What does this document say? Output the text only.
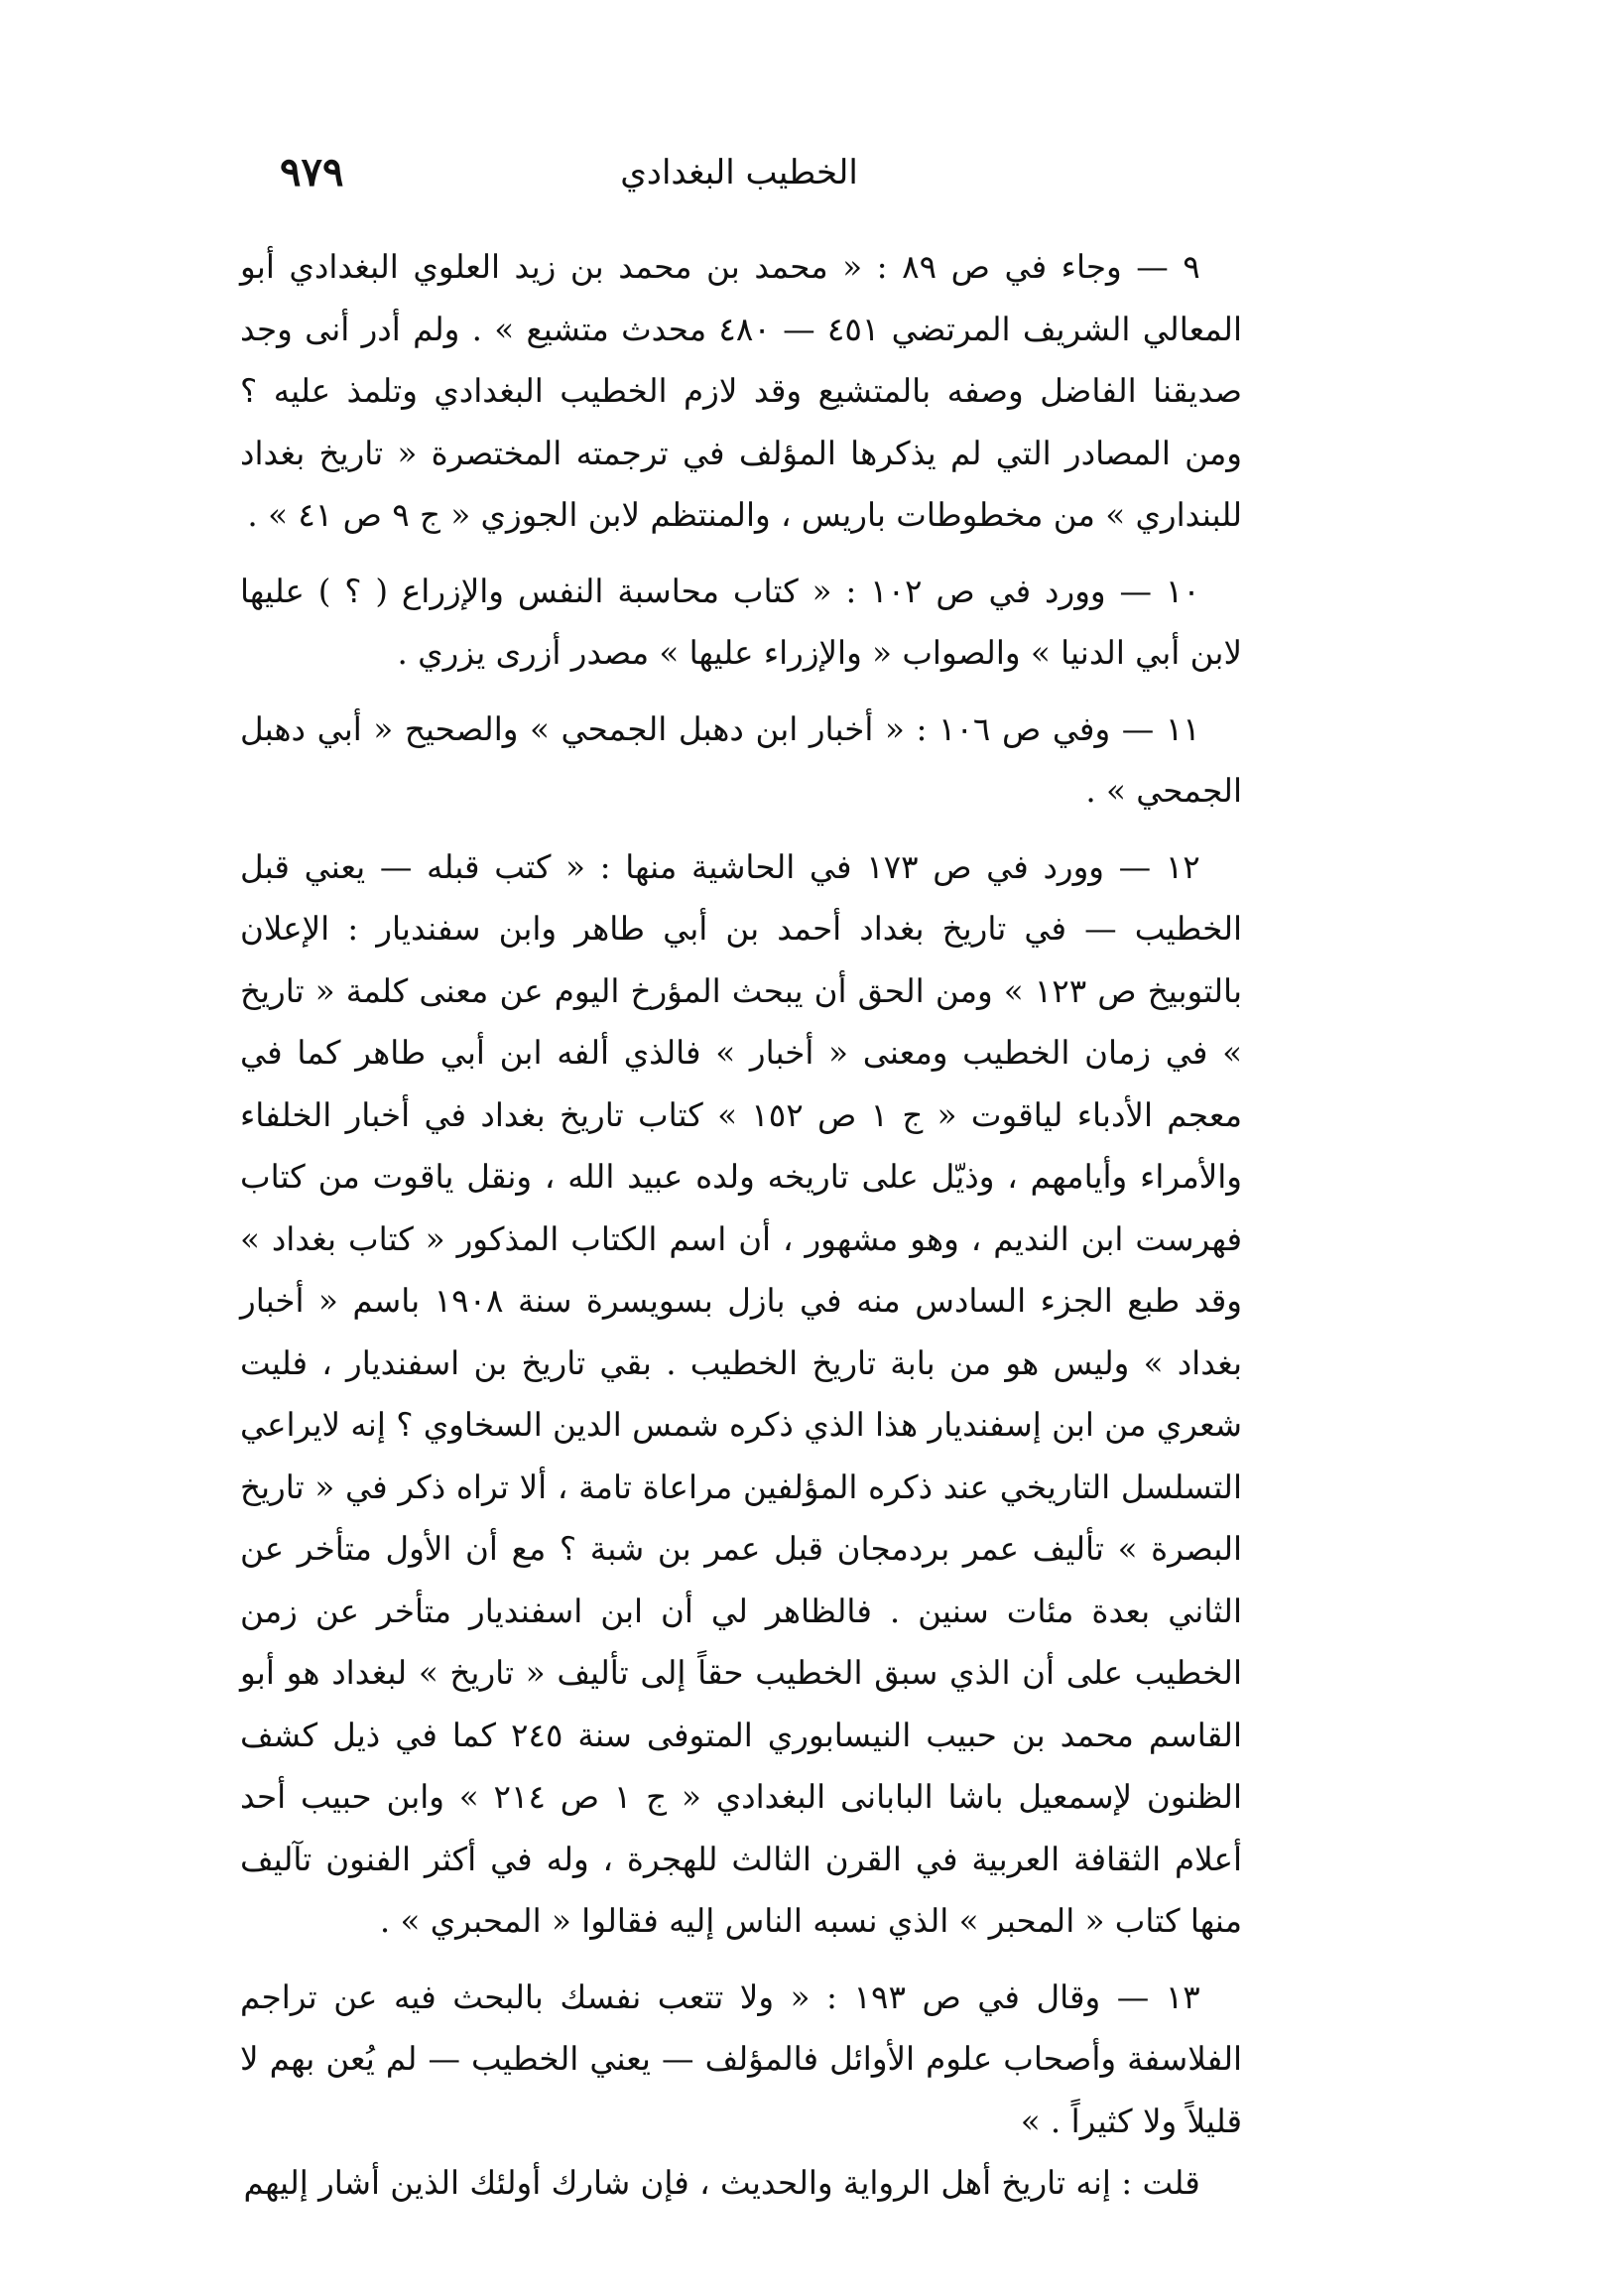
٩٧٩	الخطيب البغدادي

٩ — وجاء في ص ٨٩ : « محمد بن محمد بن زيد العلوي البغدادي أبو المعالي الشريف المرتضي ٤٥١ — ٤٨٠ محدث متشيع » . ولم أدر أنى وجد صديقنا الفاضل وصفه بالمتشيع وقد لازم الخطيب البغدادي وتلمذ عليه ؟ ومن المصادر التي لم يذكرها المؤلف في ترجمته المختصرة « تاريخ بغداد للبنداري » من مخطوطات باريس ، والمنتظم لابن الجوزي « ج ٩ ص ٤١ » .

١٠ — وورد في ص ١٠٢ : « كتاب محاسبة النفس والإزراع ( ؟ ) عليها لابن أبي الدنيا » والصواب « والإزراء عليها » مصدر أزرى يزري .

١١ — وفي ص ١٠٦ : « أخبار ابن دهبل الجمحي » والصحيح « أبي دهبل الجمحي » .

١٢ — وورد في ص ١٧٣ في الحاشية منها : « كتب قبله — يعني قبل الخطيب — في تاريخ بغداد أحمد بن أبي طاهر وابن سفنديار : الإعلان بالتوبيخ ص ١٢٣ » ومن الحق أن يبحث المؤرخ اليوم عن معنى كلمة « تاريخ » في زمان الخطيب ومعنى « أخبار » فالذي ألفه ابن أبي طاهر كما في معجم الأدباء لياقوت « ج ١ ص ١٥٢ » كتاب تاريخ بغداد في أخبار الخلفاء والأمراء وأيامهم ، وذيّل على تاريخه ولده عبيد الله ، ونقل ياقوت من كتاب فهرست ابن النديم ، وهو مشهور ، أن اسم الكتاب المذكور « كتاب بغداد » وقد طبع الجزء السادس منه في بازل بسويسرة سنة ١٩٠٨ باسم « أخبار بغداد » وليس هو من بابة تاريخ الخطيب . بقي تاريخ بن اسفنديار ، فليت شعري من ابن إسفنديار هذا الذي ذكره شمس الدين السخاوي ؟ إنه لايراعي التسلسل التاريخي عند ذكره المؤلفين مراعاة تامة ، ألا تراه ذكر في « تاريخ البصرة » تأليف عمر بردمجان قبل عمر بن شبة ؟ مع أن الأول متأخر عن الثاني بعدة مئات سنين . فالظاهر لي أن ابن اسفنديار متأخر عن زمن الخطيب على أن الذي سبق الخطيب حقاً إلى تأليف « تاريخ » لبغداد هو أبو القاسم محمد بن حبيب النيسابوري المتوفى سنة ٢٤٥ كما في ذيل كشف الظنون لإسمعيل باشا البابانى البغدادي « ج ١ ص ٢١٤ » وابن حبيب أحد أعلام الثقافة العربية في القرن الثالث للهجرة ، وله في أكثر الفنون تآليف منها كتاب « المحبر » الذي نسبه الناس إليه فقالوا « المحبري » .

١٣ — وقال في ص ١٩٣ : « ولا تتعب نفسك بالبحث فيه عن تراجم الفلاسفة وأصحاب علوم الأوائل فالمؤلف — يعني الخطيب — لم يُعن بهم لا قليلاً ولا كثيراً . »

قلت : إنه تاريخ أهل الرواية والحديث ، فإن شارك أولئك الذين أشار إليهم
